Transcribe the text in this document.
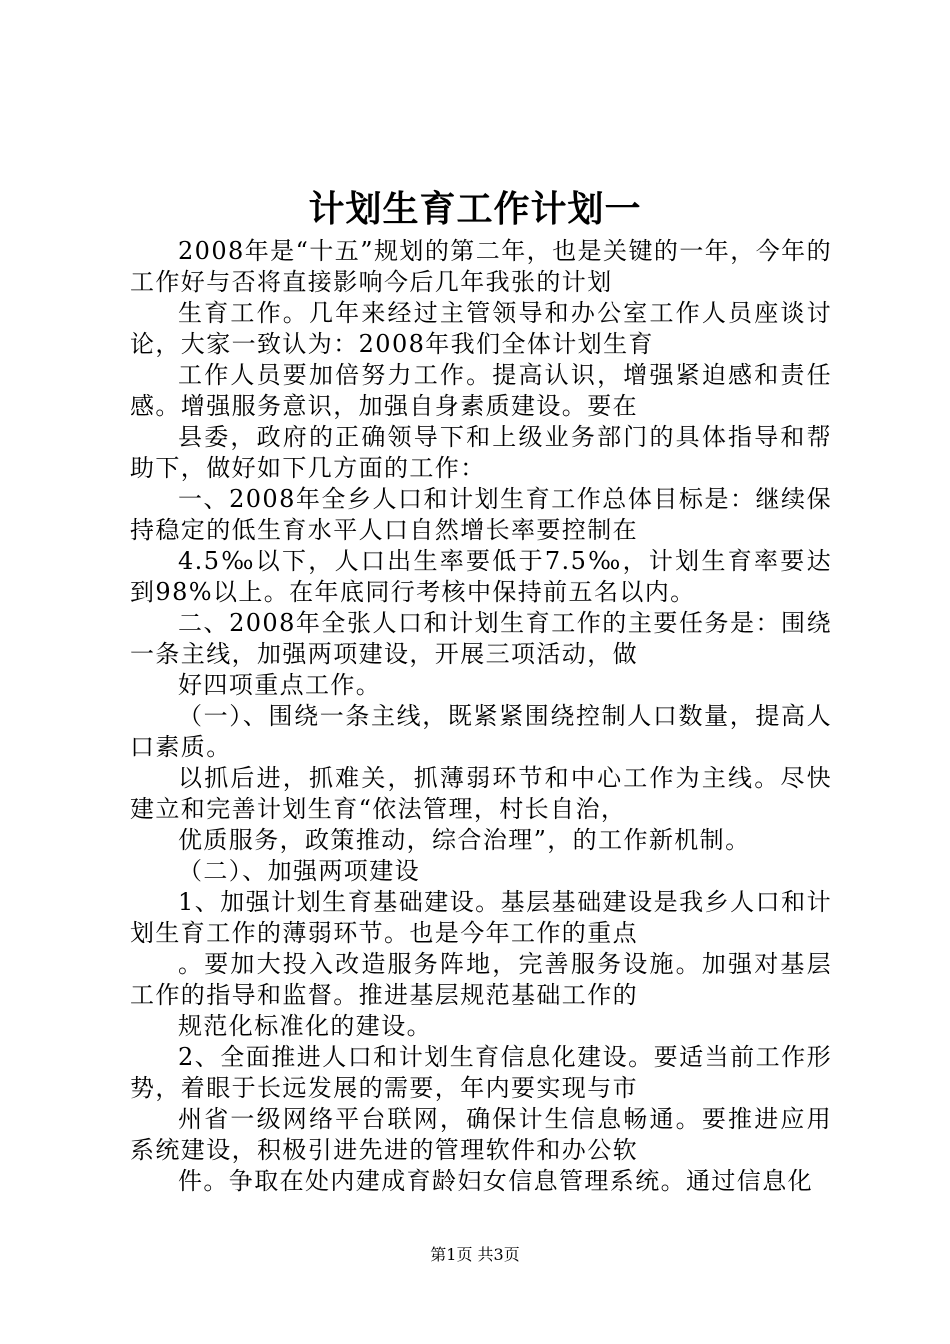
计划生育工作计划一

2008年是“十五”规划的第二年，也是关键的一年，今年的工作好与否将直接影响今后几年我张的计划

生育工作。几年来经过主管领导和办公室工作人员座谈讨论，大家一致认为：2008年我们全体计划生育

工作人员要加倍努力工作。提高认识，增强紧迫感和责任感。增强服务意识，加强自身素质建设。要在

县委，政府的正确领导下和上级业务部门的具体指导和帮助下，做好如下几方面的工作：

一、2008年全乡人口和计划生育工作总体目标是：继续保持稳定的低生育水平人口自然增长率要控制在

4.5‰以下，人口出生率要低于7.5‰，计划生育率要达到98%以上。在年底同行考核中保持前五名以内。

二、2008年全张人口和计划生育工作的主要任务是：围绕一条主线，加强两项建设，开展三项活动，做

好四项重点工作。

（一）、围绕一条主线，既紧紧围绕控制人口数量，提高人口素质。

以抓后进，抓难关，抓薄弱环节和中心工作为主线。尽快建立和完善计划生育“依法管理，村长自治，

优质服务，政策推动，综合治理”，的工作新机制。

（二）、加强两项建设

1、加强计划生育基础建设。基层基础建设是我乡人口和计划生育工作的薄弱环节。也是今年工作的重点

。要加大投入改造服务阵地，完善服务设施。加强对基层工作的指导和监督。推进基层规范基础工作的

规范化标准化的建设。

2、全面推进人口和计划生育信息化建设。要适当前工作形势，着眼于长远发展的需要，年内要实现与市

州省一级网络平台联网，确保计生信息畅通。要推进应用系统建设，积极引进先进的管理软件和办公软

件。争取在处内建成育龄妇女信息管理系统。通过信息化

第1页 共3页
